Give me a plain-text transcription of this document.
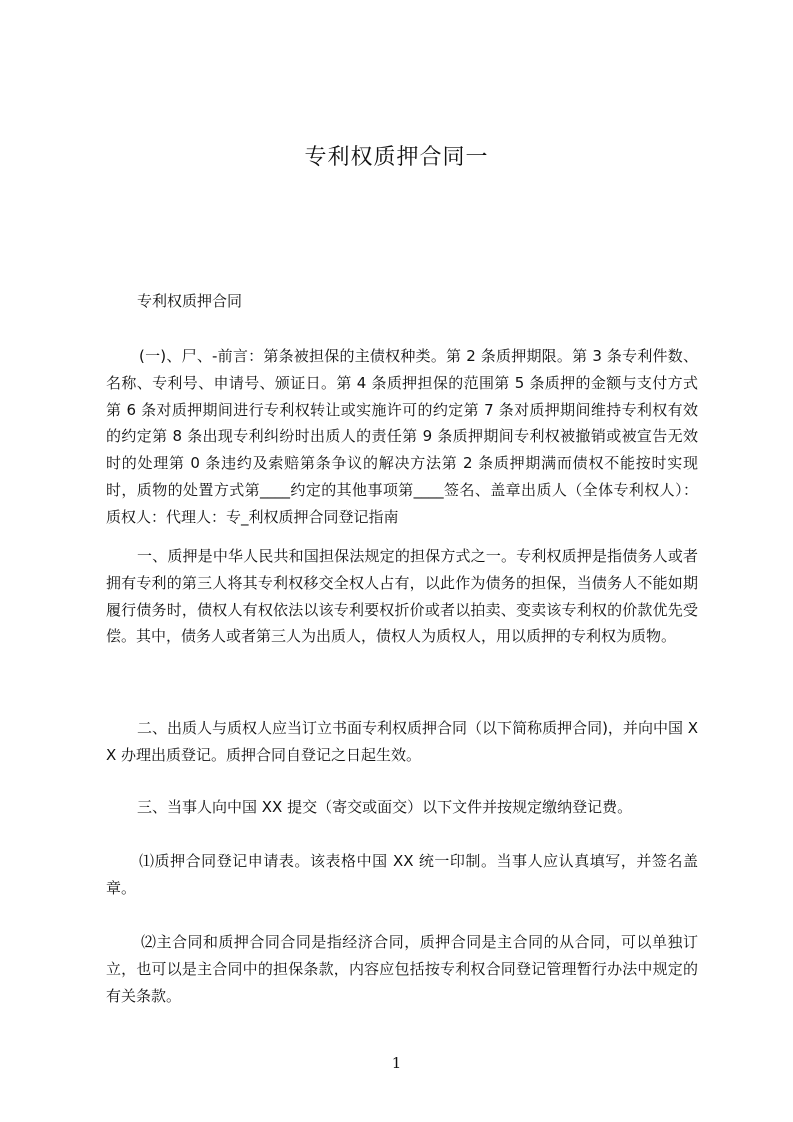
专利权质押合同一

专利权质押合同

(一)、尸、-前言：第条被担保的主债权种类。第 2 条质押期限。第 3 条专利件数、名称、专利号、申请号、颁证日。第 4 条质押担保的范围第 5 条质押的金额与支付方式第 6 条对质押期间进行专利权转让或实施许可的约定第 7 条对质押期间维持专利权有效的约定第 8 条出现专利纠纷时出质人的责任第 9 条质押期间专利权被撤销或被宣告无效时的处理第 0 条违约及索赔第条争议的解决方法第 2 条质押期满而债权不能按时实现时，质物的处置方式第____约定的其他事项第____签名、盖章出质人（全体专利权人）：质权人：代理人：专_利权质押合同登记指南

一、质押是中华人民共和国担保法规定的担保方式之一。专利权质押是指债务人或者拥有专利的第三人将其专利权移交全权人占有，以此作为债务的担保，当债务人不能如期履行债务时，债权人有权依法以该专利要权折价或者以拍卖、变卖该专利权的价款优先受偿。其中，债务人或者第三人为出质人，债权人为质权人，用以质押的专利权为质物。

二、出质人与质权人应当订立书面专利权质押合同（以下简称质押合同)，并向中国 XX 办理出质登记。质押合同自登记之日起生效。

三、当事人向中国 XX 提交（寄交或面交）以下文件并按规定缴纳登记费。

⑴质押合同登记申请表。该表格中国 XX 统一印制。当事人应认真填写，并签名盖章。

⑵主合同和质押合同合同是指经济合同，质押合同是主合同的从合同，可以单独订立，也可以是主合同中的担保条款，内容应包括按专利权合同登记管理暂行办法中规定的有关条款。

1
